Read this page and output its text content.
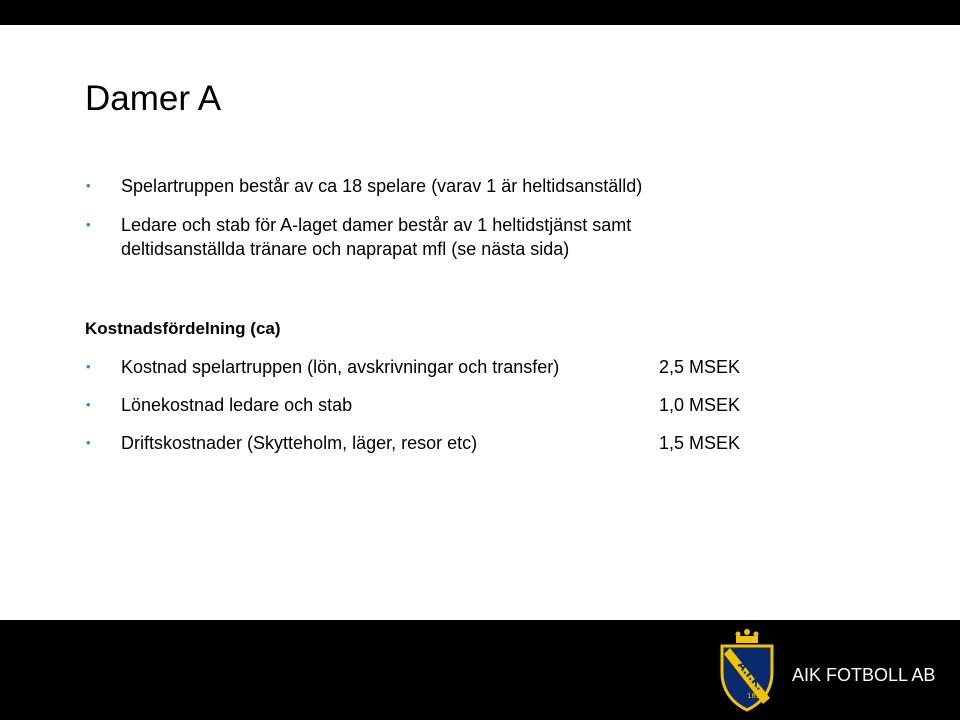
Damer A
•	Spelartruppen består av ca 18 spelare (varav 1 är heltidsanställd)
•	Ledare och stab för A-laget damer består av 1 heltidstjänst samt deltidsanställda tränare och naprapat mfl (se nästa sida)
Kostnadsfördelning (ca)
•	Kostnad spelartruppen (lön, avskrivningar och transfer)	2,5 MSEK
•	Lönekostnad ledare och stab	1,0 MSEK
•	Driftskostnader (Skytteholm, läger, resor etc)	1,5 MSEK
A.I.K.
1891
AIK FOTBOLL AB
